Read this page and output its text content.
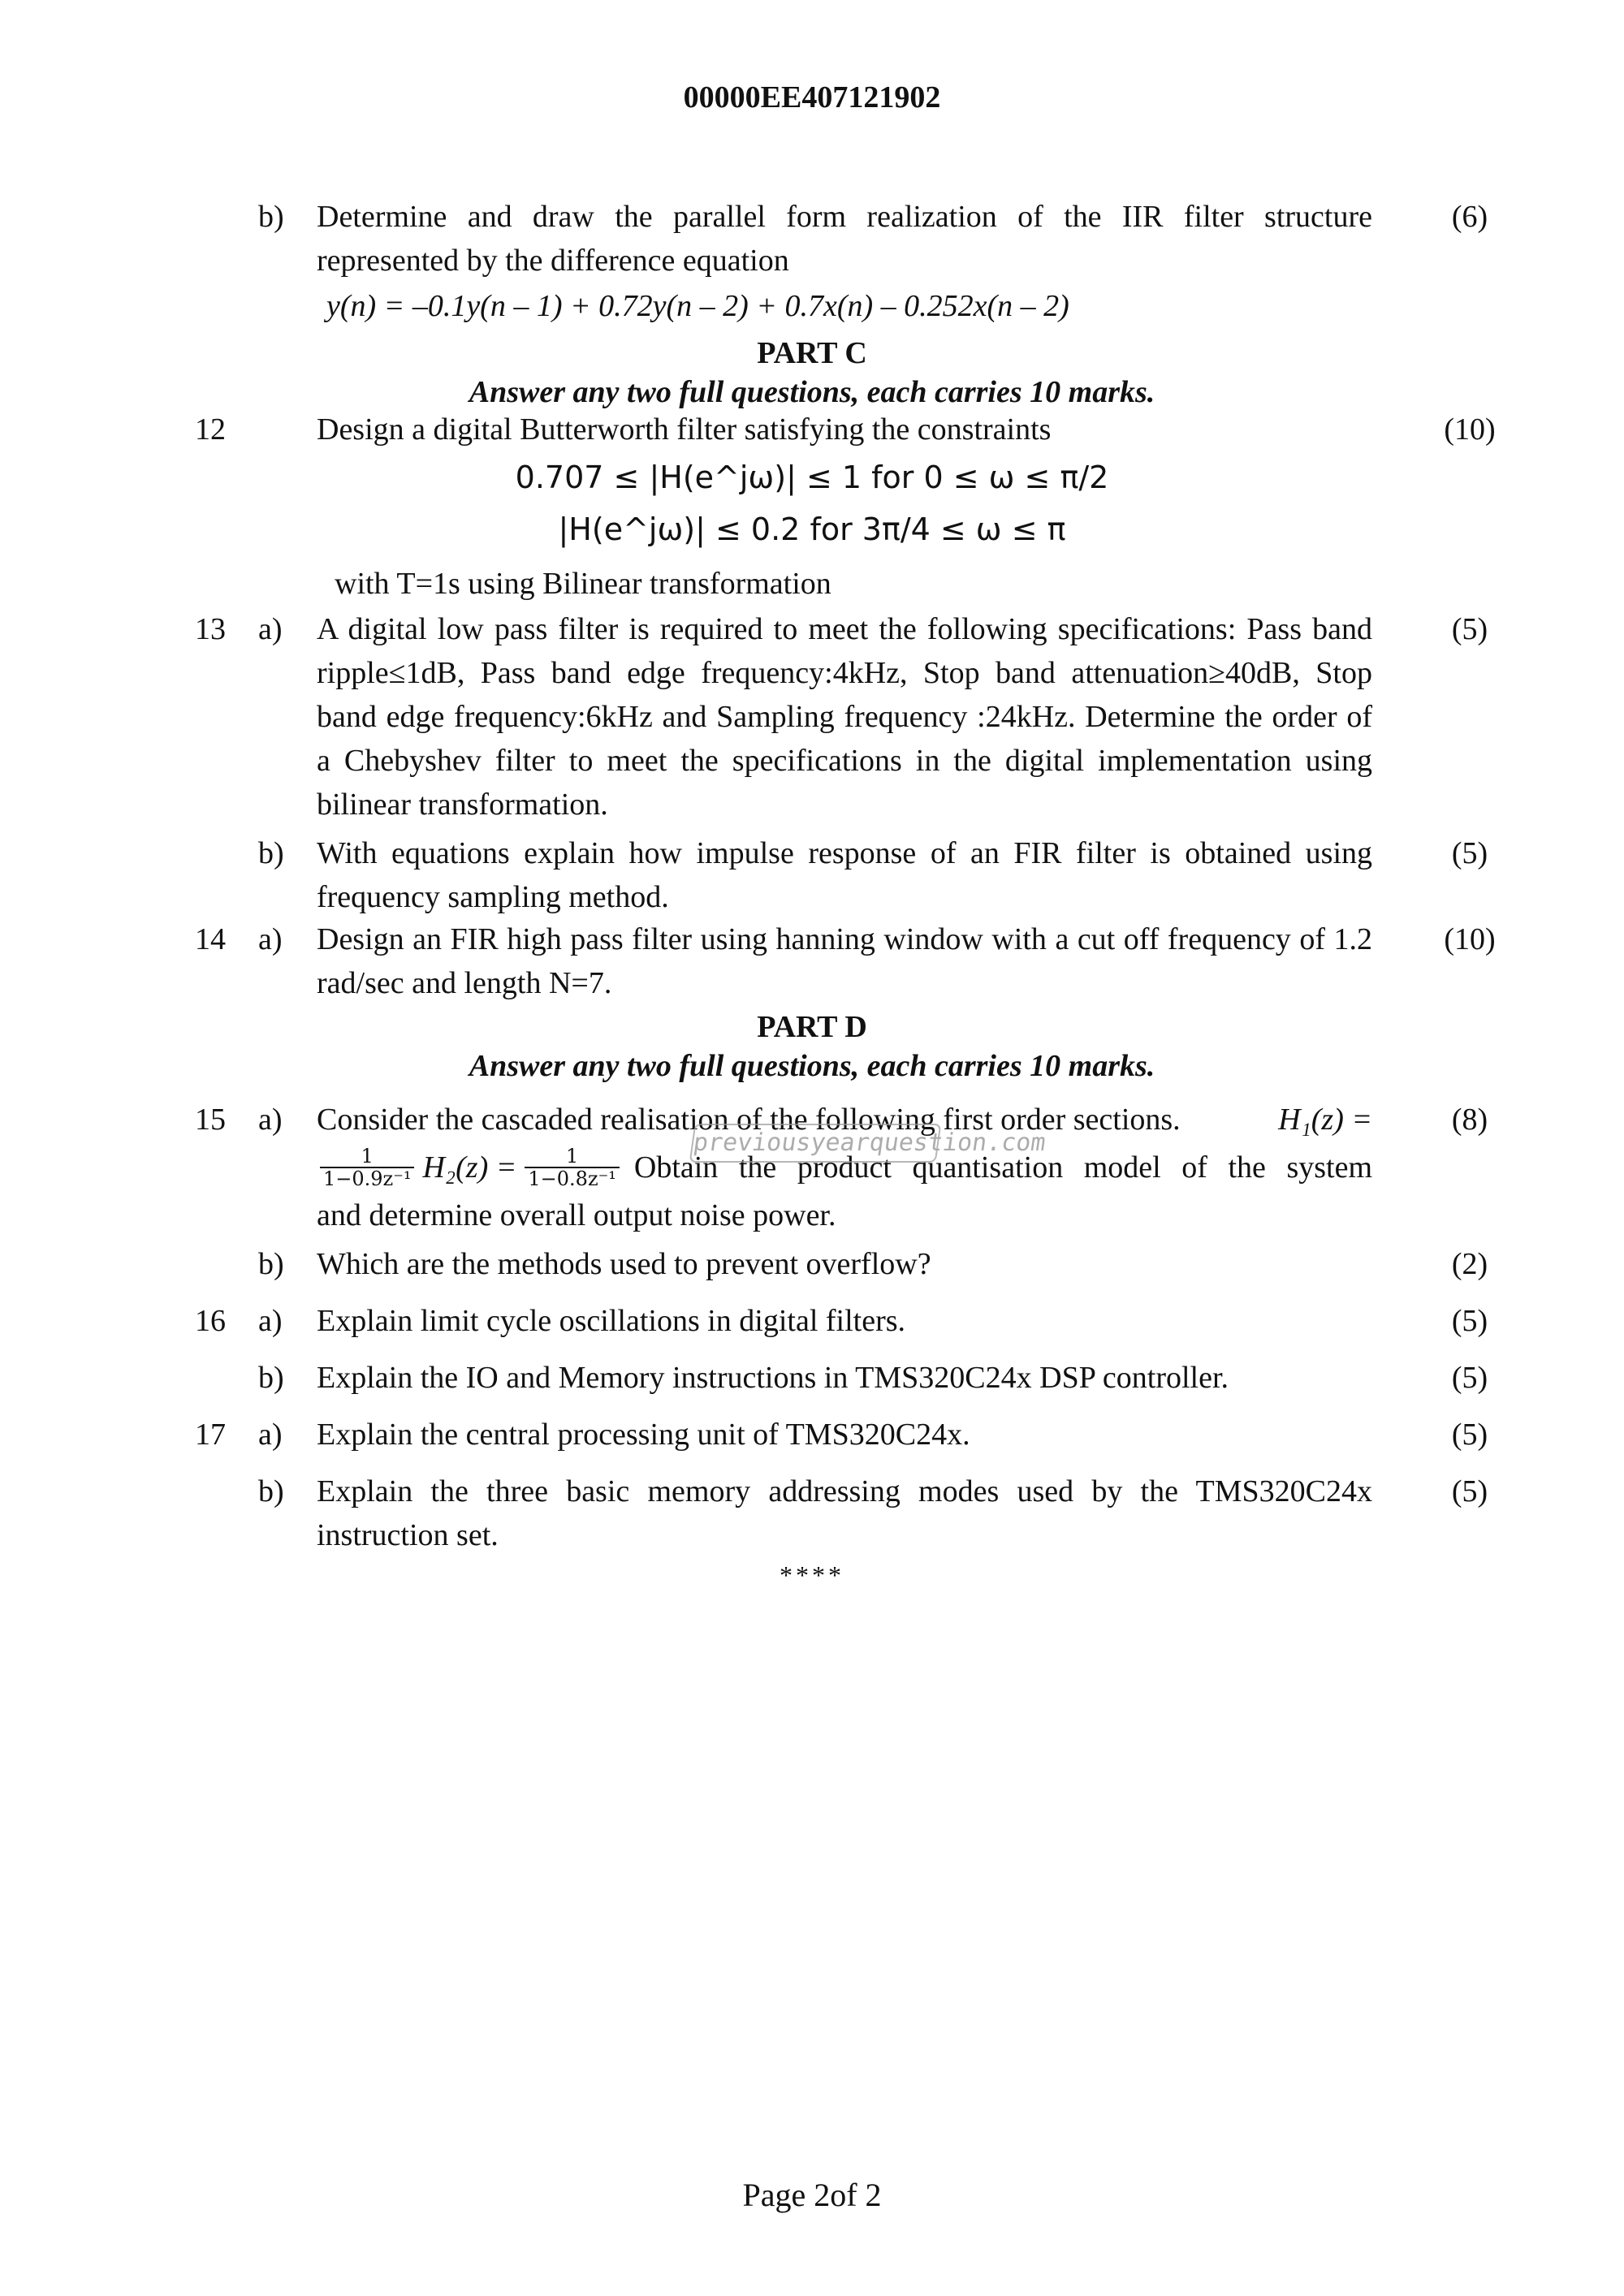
00000EE407121902
b) Determine and draw the parallel form realization of the IIR filter structure represented by the difference equation
(6)
y(n) = –0.1y(n – 1) + 0.72y(n – 2) + 0.7x(n) – 0.252x(n – 2)
PART C
Answer any two full questions, each carries 10 marks.
12	Design a digital Butterworth filter satisfying the constraints	(10)
0.707 ≤ |H(e^jω)| ≤ 1 for 0 ≤ ω ≤ π/2
|H(e^jω)| ≤ 0.2 for 3π/4 ≤ ω ≤ π
with T=1s using Bilinear transformation
13	a) A digital low pass filter is required to meet the following specifications: Pass band ripple≤1dB, Pass band edge frequency:4kHz, Stop band attenuation≥40dB, Stop band edge frequency:6kHz and Sampling frequency :24kHz. Determine the order of a Chebyshev filter to meet the specifications in the digital implementation using bilinear transformation.
(5)
b) With equations explain how impulse response of an FIR filter is obtained using frequency sampling method.
(5)
14	a) Design an FIR high pass filter using hanning window with a cut off frequency of 1.2 rad/sec and length N=7.
(10)
PART D
Answer any two full questions, each carries 10 marks.
15	a) Consider the cascaded realisation of the following first order sections.	H₁(z) =
$\frac{1}{\text{1−0.9z⁻¹}} H_2(z) = \frac{1}{\text{1−0.8z⁻¹}}$ Obtain the product quantisation model of the system
and determine overall output noise power.
(8)
previousyearquestion.com
b) Which are the methods used to prevent overflow?	(2)
16	a) Explain limit cycle oscillations in digital filters.	(5)
b) Explain the IO and Memory instructions in TMS320C24x DSP controller.	(5)
17	a) Explain the central processing unit of TMS320C24x.	(5)
b) Explain the three basic memory addressing modes used by the TMS320C24x instruction set.
(5)
****
Page 2of 2
